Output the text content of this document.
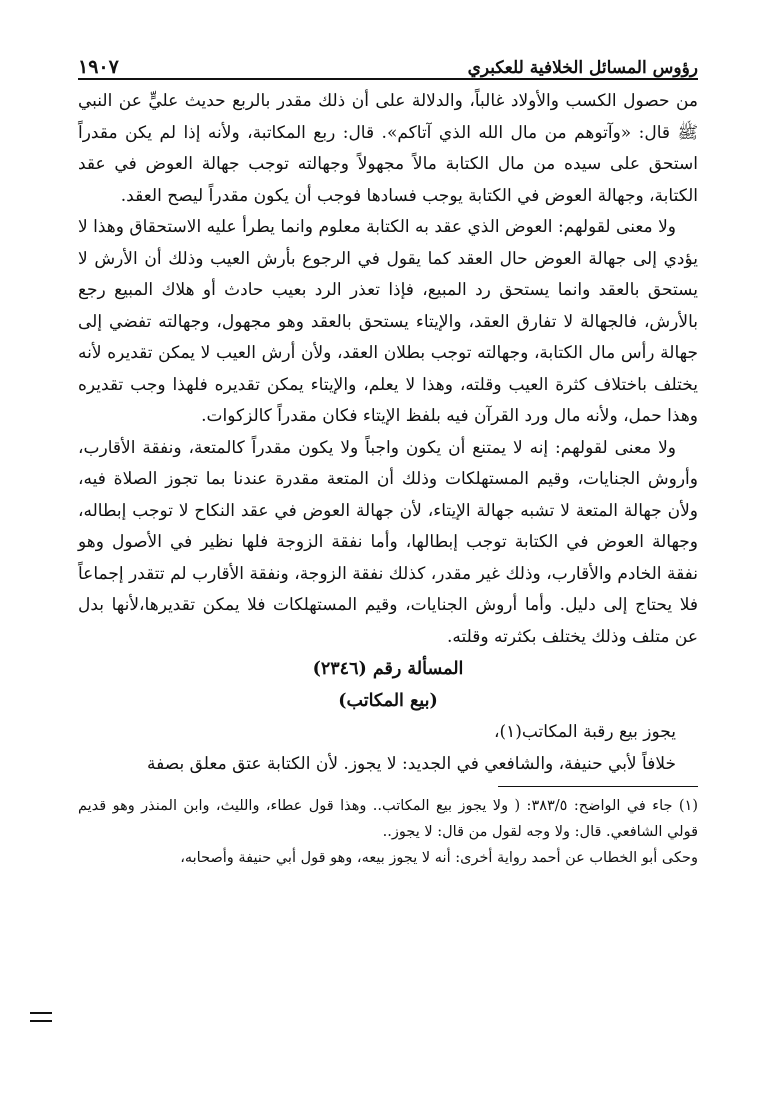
رؤوس المسائل الخلافية للعكبري
١٩٠٧

من حصول الكسب والأولاد غالباً، والدلالة على أن ذلك مقدر بالربع حديث عليٍّ عن النبي ﷺ قال: «وآتوهم من مال الله الذي آتاكم». قال: ربع المكاتبة، ولأنه إذا لم يكن مقدراً استحق على سيده من مال الكتابة مالاً مجهولاً وجهالته توجب جهالة العوض في عقد الكتابة، وجهالة العوض في الكتابة يوجب فسادها فوجب أن يكون مقدراً ليصح العقد.

ولا معنى لقولهم: العوض الذي عقد به الكتابة معلوم وانما يطرأ عليه الاستحقاق وهذا لا يؤدي إلى جهالة العوض حال العقد كما يقول في الرجوع بأرش العيب وذلك أن الأرش لا يستحق بالعقد وانما يستحق رد المبيع، فإذا تعذر الرد بعيب حادث أو هلاك المبيع رجع بالأرش، فالجهالة لا تفارق العقد، والإيتاء يستحق بالعقد وهو مجهول، وجهالته تفضي إلى جهالة رأس مال الكتابة، وجهالته توجب بطلان العقد، ولأن أرش العيب لا يمكن تقديره لأنه يختلف باختلاف كثرة العيب وقلته، وهذا لا يعلم، والإيتاء يمكن تقديره فلهذا وجب تقديره وهذا حمل، ولأنه مال ورد القرآن فيه بلفظ الإيتاء فكان مقدراً كالزكوات.

ولا معنى لقولهم: إنه لا يمتنع أن يكون واجباً ولا يكون مقدراً كالمتعة، ونفقة الأقارب، وأروش الجنايات، وقيم المستهلكات وذلك أن المتعة مقدرة عندنا بما تجوز الصلاة فيه، ولأن جهالة المتعة لا تشبه جهالة الإيتاء، لأن جهالة العوض في عقد النكاح لا توجب إبطاله، وجهالة العوض في الكتابة توجب إبطالها، وأما نفقة الزوجة فلها نظير في الأصول وهو نفقة الخادم والأقارب، وذلك غير مقدر، كذلك نفقة الزوجة، ونفقة الأقارب لم تتقدر إجماعاً فلا يحتاج إلى دليل. وأما أروش الجنايات، وقيم المستهلكات فلا يمكن تقديرها،لأنها بدل عن متلف وذلك يختلف بكثرته وقلته.

المسألة رقم (٢٣٤٦)

(بيع المكاتب)

يجوز بيع رقبة المكاتب(١)،

خلافاً لأبي حنيفة، والشافعي في الجديد: لا يجوز. لأن الكتابة عتق معلق بصفة

(١) جاء في الواضح: ٣٨٣/٥: ( ولا يجوز بيع المكاتب.. وهذا قول عطاء، والليث، وابن المنذر وهو قديم قولي الشافعي. قال: ولا وجه لقول من قال: لا يجوز..

وحكى أبو الخطاب عن أحمد رواية أخرى: أنه لا يجوز بيعه، وهو قول أبي حنيفة وأصحابه،
